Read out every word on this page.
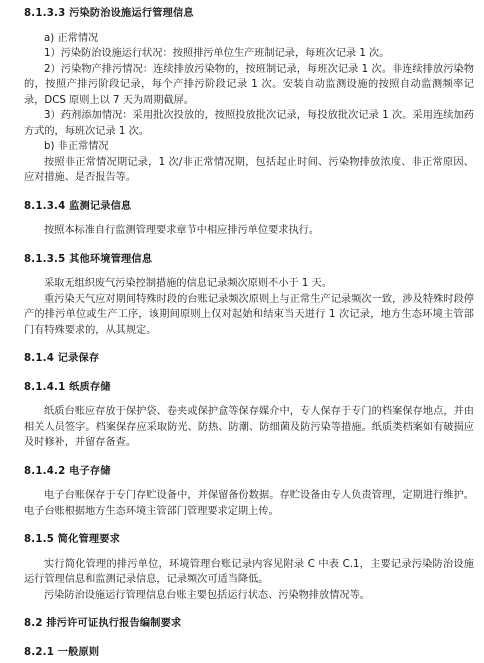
8.1.3.3 污染防治设施运行管理信息
a) 正常情况
1）污染防治设施运行状况：按照排污单位生产班制记录，每班次记录 1 次。
2）污染物产排污情况：连续排放污染物的，按班制记录，每班次记录 1 次。非连续排放污染物的，按照产排污阶段记录，每个产排污阶段记录 1 次。安装自动监测设施的按照自动监测频率记录，DCS 原则上以 7 天为周期截屏。
3）药剂添加情况：采用批次投放的，按照投放批次记录，每投放批次记录 1 次。采用连续加药方式的，每班次记录 1 次。
b) 非正常情况
按照非正常情况期记录，1 次/非正常情况期，包括起止时间、污染物排放浓度、非正常原因、应对措施、是否报告等。
8.1.3.4 监测记录信息
按照本标准自行监测管理要求章节中相应排污单位要求执行。
8.1.3.5 其他环境管理信息
采取无组织废气污染控制措施的信息记录频次原则不小于 1 天。
重污染天气应对期间特殊时段的台账记录频次原则上与正常生产记录频次一致，涉及特殊时段停产的排污单位或生产工序，该期间原则上仅对起始和结束当天进行 1 次记录，地方生态环境主管部门有特殊要求的，从其规定。
8.1.4 记录保存
8.1.4.1 纸质存储
纸质台账应存放于保护袋、卷夹或保护盒等保存媒介中，专人保存于专门的档案保存地点，并由相关人员签字。档案保存应采取防光、防热、防潮、防细菌及防污染等措施。纸质类档案如有破损应及时修补，并留存备查。
8.1.4.2 电子存储
电子台账保存于专门存贮设备中，并保留备份数据。存贮设备由专人负责管理，定期进行维护。电子台账根据地方生态环境主管部门管理要求定期上传。
8.1.5 简化管理要求
实行简化管理的排污单位，环境管理台账记录内容见附录 C 中表 C.1，主要记录污染防治设施运行管理信息和监测记录信息，记录频次可适当降低。
污染防治设施运行管理信息台账主要包括运行状态、污染物排放情况等。
8.2 排污许可证执行报告编制要求
8.2.1 一般原则
